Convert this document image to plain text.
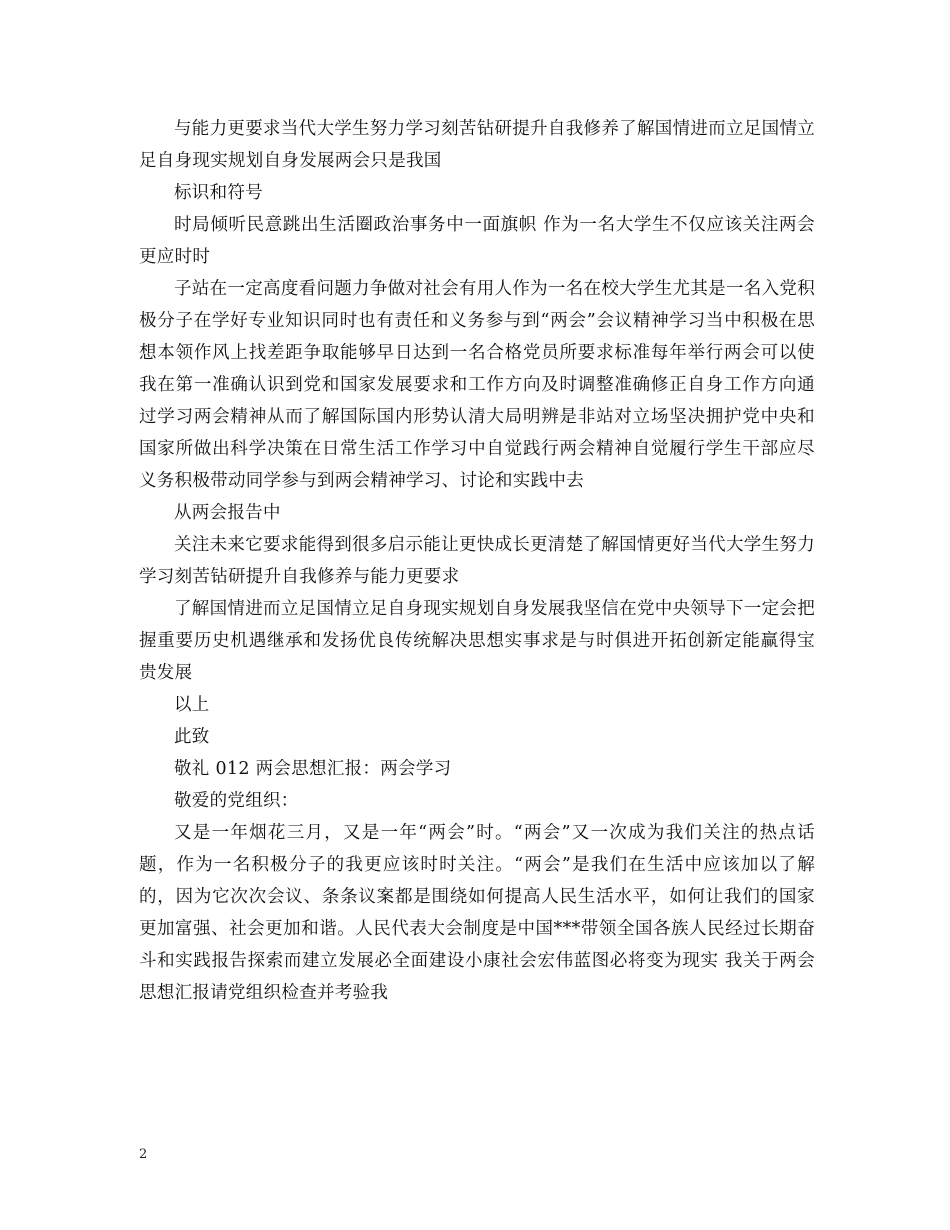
与能力更要求当代大学生努力学习刻苦钻研提升自我修养了解国情进而立足国情立足自身现实规划自身发展两会只是我国

标识和符号

时局倾听民意跳出生活圈政治事务中一面旗帜 作为一名大学生不仅应该关注两会更应时时

子站在一定高度看问题力争做对社会有用人作为一名在校大学生尤其是一名入党积极分子在学好专业知识同时也有责任和义务参与到“两会”会议精神学习当中积极在思想本领作风上找差距争取能够早日达到一名合格党员所要求标准每年举行两会可以使我在第一准确认识到党和国家发展要求和工作方向及时调整准确修正自身工作方向通过学习两会精神从而了解国际国内形势认清大局明辨是非站对立场坚决拥护党中央和国家所做出科学决策在日常生活工作学习中自觉践行两会精神自觉履行学生干部应尽义务积极带动同学参与到两会精神学习、讨论和实践中去

从两会报告中

关注未来它要求能得到很多启示能让更快成长更清楚了解国情更好当代大学生努力学习刻苦钻研提升自我修养与能力更要求

了解国情进而立足国情立足自身现实规划自身发展我坚信在党中央领导下一定会把握重要历史机遇继承和发扬优良传统解决思想实事求是与时俱进开拓创新定能赢得宝贵发展

以上

此致

敬礼 012 两会思想汇报：两会学习

敬爱的党组织：

又是一年烟花三月，又是一年“两会”时。“两会”又一次成为我们关注的热点话题，作为一名积极分子的我更应该时时关注。“两会”是我们在生活中应该加以了解的，因为它次次会议、条条议案都是围绕如何提高人民生活水平，如何让我们的国家更加富强、社会更加和谐。人民代表大会制度是中国***带领全国各族人民经过长期奋斗和实践报告探索而建立发展必全面建设小康社会宏伟蓝图必将变为现实 我关于两会思想汇报请党组织检查并考验我

2
